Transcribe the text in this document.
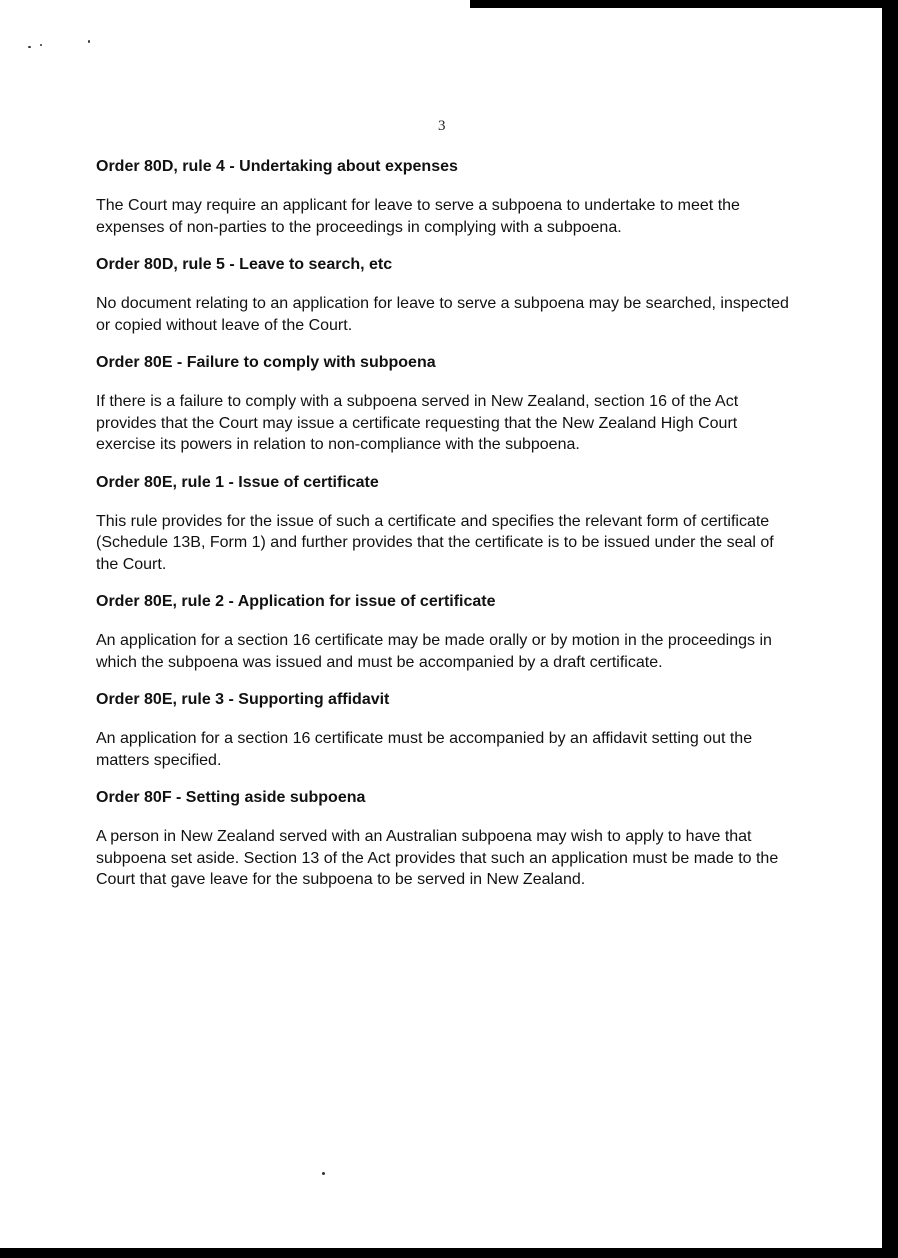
3
Order 80D, rule 4 - Undertaking about expenses

The Court may require an applicant for leave to serve a subpoena to undertake to meet the expenses of non-parties to the proceedings in complying with a subpoena.

Order 80D, rule 5 - Leave to search, etc

No document relating to an application for leave to serve a subpoena may be searched, inspected or copied without leave of the Court.

Order 80E - Failure to comply with subpoena

If there is a failure to comply with a subpoena served in New Zealand, section 16 of the Act provides that the Court may issue a certificate requesting that the New Zealand High Court exercise its powers in relation to non-compliance with the subpoena.

Order 80E, rule 1 - Issue of certificate

This rule provides for the issue of such a certificate and specifies the relevant form of certificate (Schedule 13B, Form 1) and further provides that the certificate is to be issued under the seal of the Court.

Order 80E, rule 2 - Application for issue of certificate

An application for a section 16 certificate may be made orally or by motion in the proceedings in which the subpoena was issued and must be accompanied by a draft certificate.

Order 80E, rule 3 - Supporting affidavit

An application for a section 16 certificate must be accompanied by an affidavit setting out the matters specified.

Order 80F - Setting aside subpoena

A person in New Zealand served with an Australian subpoena may wish to apply to have that subpoena set aside. Section 13 of the Act provides that such an application must be made to the Court that gave leave for the subpoena to be served in New Zealand.
